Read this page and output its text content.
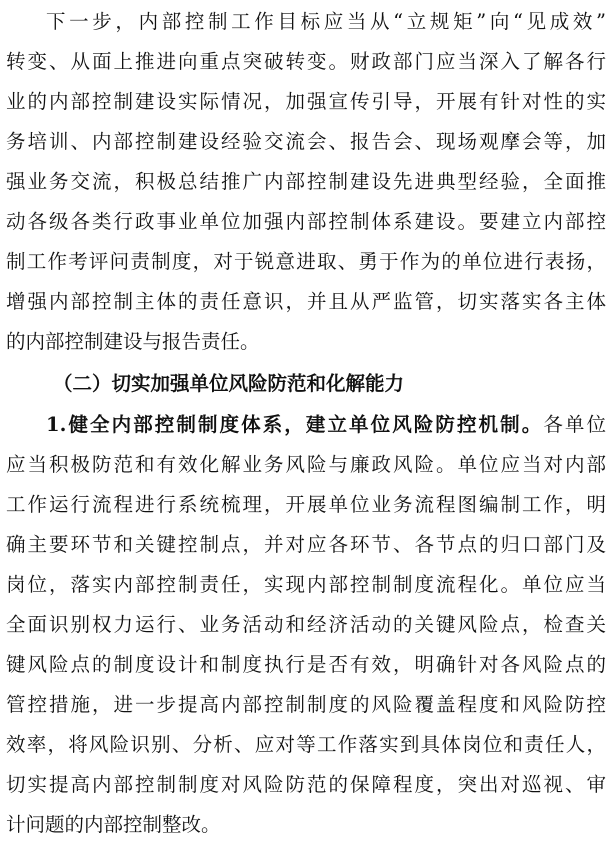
下一步，内部控制工作目标应当从“立规矩”向“见成效”
转变、从面上推进向重点突破转变。财政部门应当深入了解各行
业的内部控制建设实际情况，加强宣传引导，开展有针对性的实
务培训、内部控制建设经验交流会、报告会、现场观摩会等，加
强业务交流，积极总结推广内部控制建设先进典型经验，全面推
动各级各类行政事业单位加强内部控制体系建设。要建立内部控
制工作考评问责制度，对于锐意进取、勇于作为的单位进行表扬，
增强内部控制主体的责任意识，并且从严监管，切实落实各主体
的内部控制建设与报告责任。
（二）切实加强单位风险防范和化解能力
1.健全内部控制制度体系，建立单位风险防控机制。各单位
应当积极防范和有效化解业务风险与廉政风险。单位应当对内部
工作运行流程进行系统梳理，开展单位业务流程图编制工作，明
确主要环节和关键控制点，并对应各环节、各节点的归口部门及
岗位，落实内部控制责任，实现内部控制制度流程化。单位应当
全面识别权力运行、业务活动和经济活动的关键风险点，检查关
键风险点的制度设计和制度执行是否有效，明确针对各风险点的
管控措施，进一步提高内部控制制度的风险覆盖程度和风险防控
效率，将风险识别、分析、应对等工作落实到具体岗位和责任人，
切实提高内部控制制度对风险防范的保障程度，突出对巡视、审
计问题的内部控制整改。
